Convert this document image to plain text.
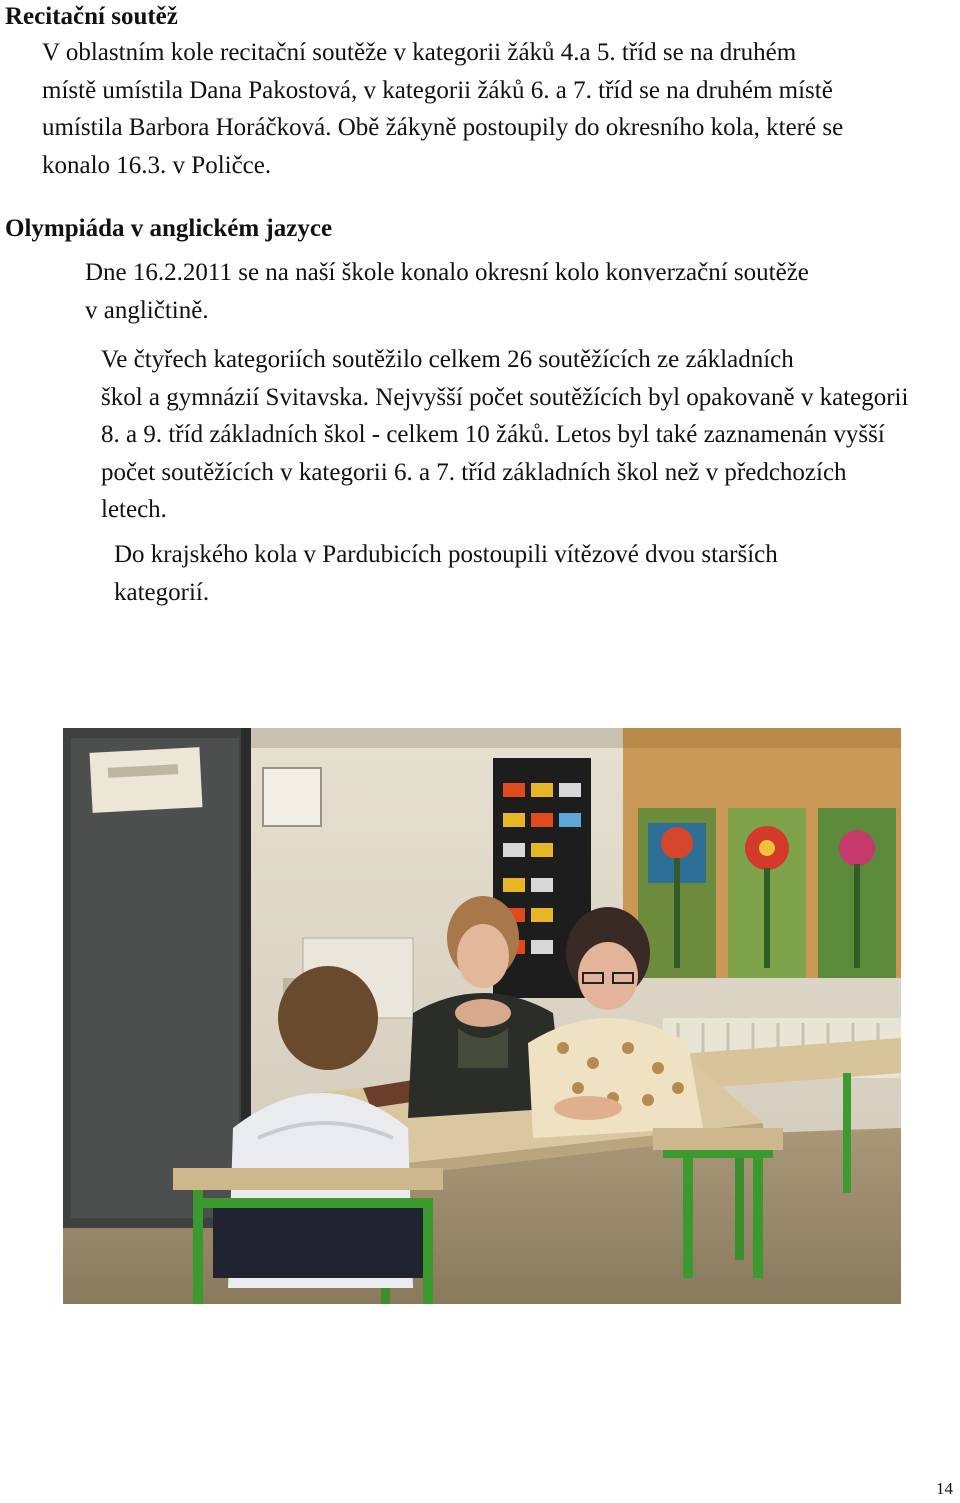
Recitační soutěž

V oblastním kole recitační soutěže v kategorii žáků 4.a 5. tříd se na druhém
místě umístila Dana Pakostová, v kategorii žáků 6. a 7. tříd se na druhém místě
umístila Barbora Horáčková. Obě žákyně postoupily do okresního kola, které se
konalo 16.3. v Poličce.

Olympiáda v anglickém jazyce

Dne 16.2.2011 se na naší škole konalo okresní kolo konverzační soutěže
v angličtině.

Ve čtyřech kategoriích soutěžilo celkem 26 soutěžících ze základních
škol a gymnázií Svitavska. Nejvyšší počet soutěžících byl opakovaně v kategorii
8. a 9. tříd základních škol - celkem 10 žáků. Letos byl také zaznamenán vyšší
počet soutěžících v kategorii 6. a 7. tříd základních škol než v předchozích
letech.

Do krajského kola v Pardubicích postoupili vítězové dvou starších
kategorií.

14
